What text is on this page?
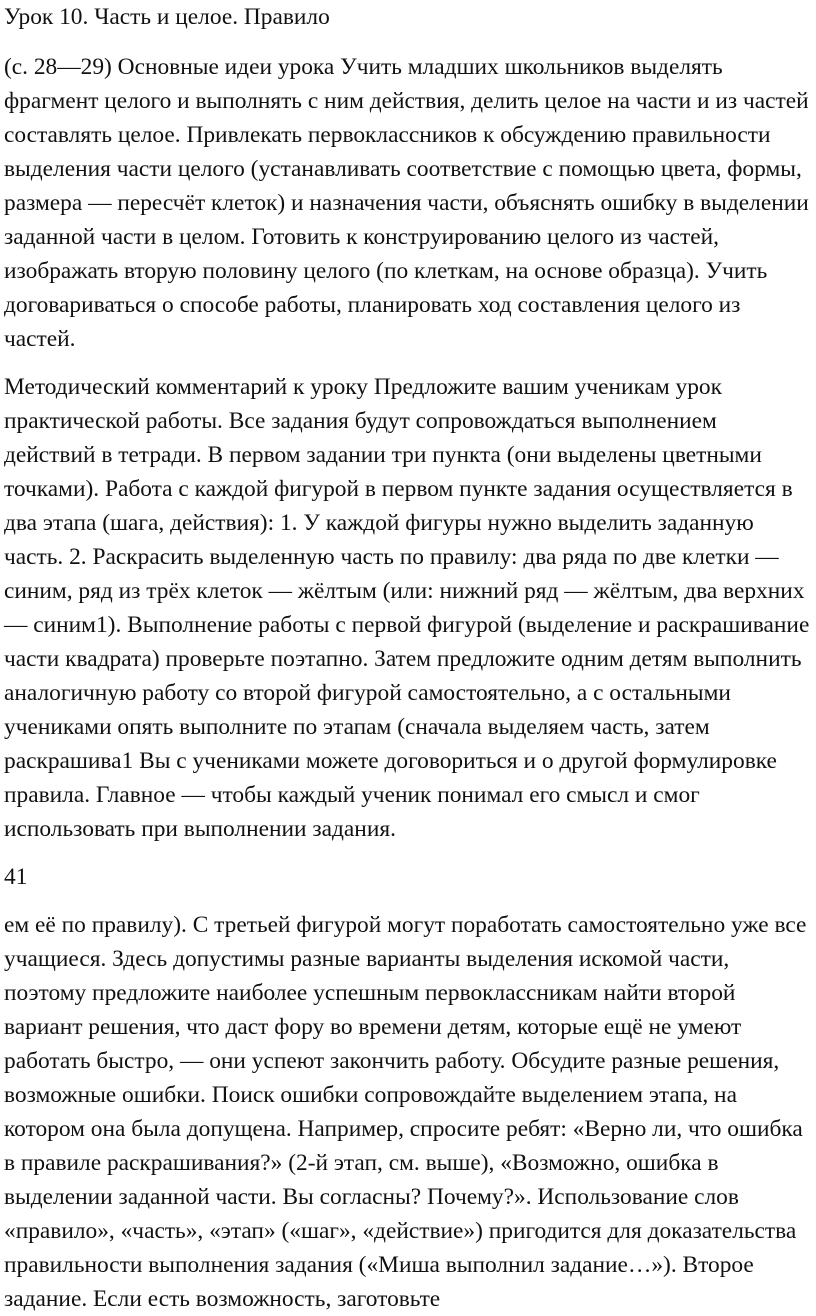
Урок 10. Часть и целое. Правило

(с. 28—29) Основные идеи урока Учить младших школьников выделять фрагмент целого и выполнять с ним действия, делить целое на части и из частей составлять целое. Привлекать первоклассников к обсуждению правильности выделения части целого (устанавливать соответствие с помощью цвета, формы, размера — пересчёт клеток) и назначения части, объяснять ошибку в выделении заданной части в целом. Готовить к конструированию целого из частей, изображать вторую половину целого (по клеткам, на основе образца). Учить договариваться о способе работы, планировать ход составления целого из частей.

Методический комментарий к уроку Предложите вашим ученикам урок практической работы. Все задания будут сопровождаться выполнением действий в тетради. В первом задании три пункта (они выделены цветными точками). Работа с каждой фигурой в первом пункте задания осуществляется в два этапа (шага, действия): 1. У каждой фигуры нужно выделить заданную часть. 2. Раскрасить выделенную часть по правилу: два ряда по две клетки — синим, ряд из трёх клеток — жёлтым (или: нижний ряд — жёлтым, два верхних — синим1). Выполнение работы с первой фигурой (выделение и раскрашивание части квадрата) проверьте поэтапно. Затем предложите одним детям выполнить аналогичную работу со второй фигурой самостоятельно, а с остальными учениками опять выполните по этапам (сначала выделяем часть, затем раскрашива1 Вы с учениками можете договориться и о другой формулировке правила. Главное — чтобы каждый ученик понимал его смысл и смог использовать при выполнении задания.

41

ем её по правилу). С третьей фигурой могут поработать самостоятельно уже все учащиеся. Здесь допустимы разные варианты выделения искомой части, поэтому предложите наиболее успешным первоклассникам найти второй вариант решения, что даст фору во времени детям, которые ещё не умеют работать быстро, — они успеют закончить работу. Обсудите разные решения, возможные ошибки. Поиск ошибки сопровождайте выделением этапа, на котором она была допущена. Например, спросите ребят: «Верно ли, что ошибка в правиле раскрашивания?» (2-й этап, см. выше), «Возможно, ошибка в выделении заданной части. Вы согласны? Почему?». Использование слов «правило», «часть», «этап» («шаг», «действие») пригодится для доказательства правильности выполнения задания («Миша выполнил задание…»). Второе задание. Если есть возможность, заготовьте
